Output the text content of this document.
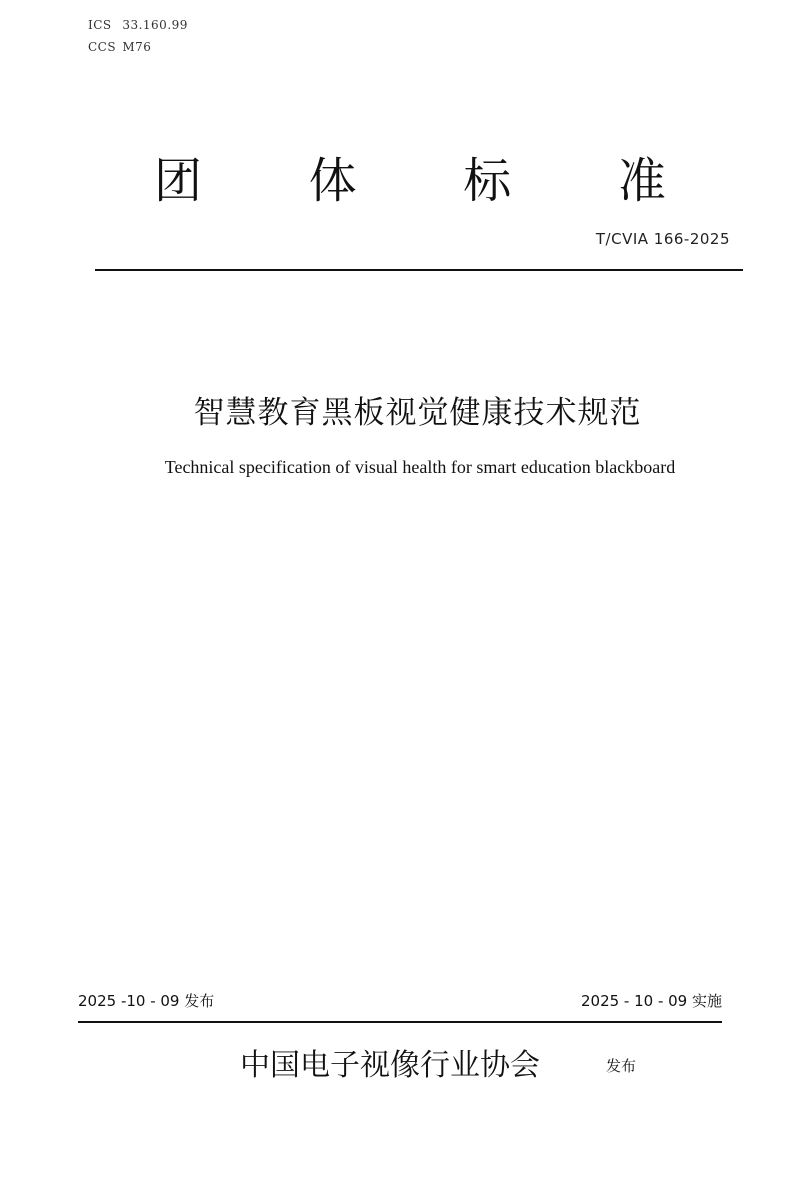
ICS 33.160.99
CCS M76
团 体 标 准
T/CVIA 166-2025
智慧教育黑板视觉健康技术规范
Technical specification of visual health for smart education blackboard
2025 -10 - 09 发布	2025 - 10 - 09 实施
中国电子视像行业协会	发布
